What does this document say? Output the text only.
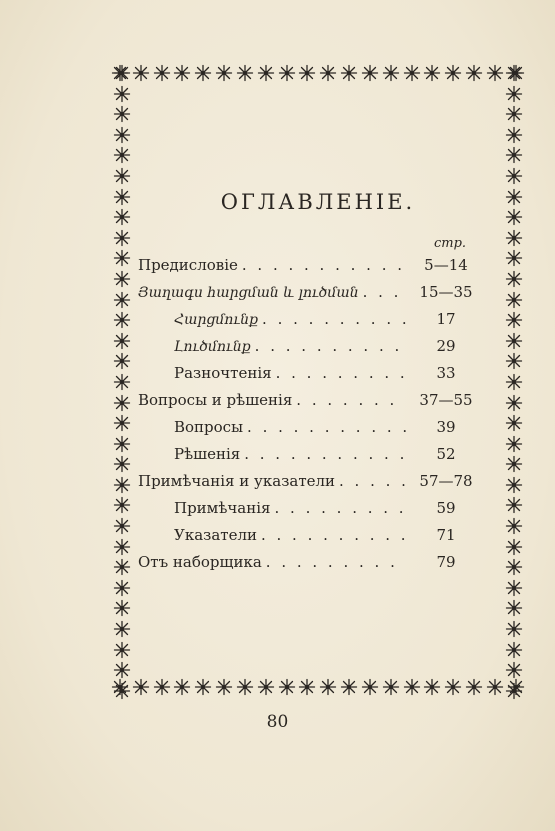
ОГЛАВЛЕНІЕ.
стр.
Предисловіе . . .	5—14
Յաղագս հարցման և լուծման . . .	15—35
Հարցմունք . . .	17
Լուծմունք . . .	29
Разночтенія . . .	33
Вопросы и рѣшенія . . .	37—55
Вопросы . . .	39
Рѣшенія . . .	52
Примѣчанія и указатели . . .	57—78
Примѣчанія . . .	59
Указатели . . .	71
Отъ наборщика . . .	79
80
